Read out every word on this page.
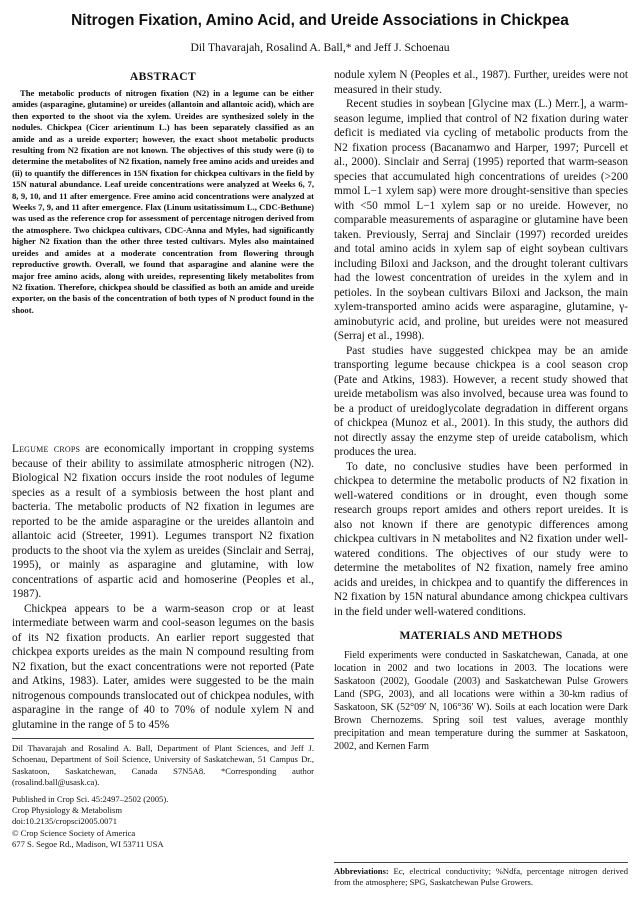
Nitrogen Fixation, Amino Acid, and Ureide Associations in Chickpea
Dil Thavarajah, Rosalind A. Ball,* and Jeff J. Schoenau
ABSTRACT

The metabolic products of nitrogen fixation (N2) in a legume can be either amides (asparagine, glutamine) or ureides (allantoin and allantoic acid), which are then exported to the shoot via the xylem. Ureides are synthesized solely in the nodules. Chickpea (Cicer arientinum L.) has been separately classified as an amide and as a ureide exporter; however, the exact shoot metabolic products resulting from N2 fixation are not known. The objectives of this study were (i) to determine the metabolites of N2 fixation, namely free amino acids and ureides and (ii) to quantify the differences in 15N fixation for chickpea cultivars in the field by 15N natural abundance. Leaf ureide concentrations were analyzed at Weeks 6, 7, 8, 9, 10, and 11 after emergence. Free amino acid concentrations were analyzed at Weeks 7, 9, and 11 after emergence. Flax (Linum usitatissimum L., CDC-Bethune) was used as the reference crop for assessment of percentage nitrogen derived from the atmosphere. Two chickpea cultivars, CDC-Anna and Myles, had significantly higher N2 fixation than the other three tested cultivars. Myles also maintained ureides and amides at a moderate concentration from flowering through reproductive growth. Overall, we found that asparagine and alanine were the major free amino acids, along with ureides, representing likely metabolites from N2 fixation. Therefore, chickpea should be classified as both an amide and ureide exporter, on the basis of the concentration of both types of N product found in the shoot.

Legume crops are economically important in cropping systems because of their ability to assimilate atmospheric nitrogen (N2). Biological N2 fixation occurs inside the root nodules of legume species as a result of a symbiosis between the host plant and bacteria. The metabolic products of N2 fixation in legumes are reported to be the amide asparagine or the ureides allantoin and allantoic acid (Streeter, 1991). Legumes transport N2 fixation products to the shoot via the xylem as ureides (Sinclair and Serraj, 1995), or mainly as asparagine and glutamine, with low concentrations of aspartic acid and homoserine (Peoples et al., 1987).

Chickpea appears to be a warm-season crop or at least intermediate between warm and cool-season legumes on the basis of its N2 fixation products. An earlier report suggested that chickpea exports ureides as the main N compound resulting from N2 fixation, but the exact concentrations were not reported (Pate and Atkins, 1983). Later, amides were suggested to be the main nitrogenous compounds translocated out of chickpea nodules, with asparagine in the range of 40 to 70% of nodule xylem N and glutamine in the range of 5 to 45%

Dil Thavarajah and Rosalind A. Ball, Department of Plant Sciences, and Jeff J. Schoenau, Department of Soil Science, University of Saskatchewan, 51 Campus Dr., Saskatoon, Saskatchewan, Canada S7N5A8. *Corresponding author (rosalind.ball@usask.ca).

Published in Crop Sci. 45:2497–2502 (2005).
Crop Physiology & Metabolism
doi:10.2135/cropsci2005.0071
© Crop Science Society of America
677 S. Segoe Rd., Madison, WI 53711 USA

nodule xylem N (Peoples et al., 1987). Further, ureides were not measured in their study.

Recent studies in soybean [Glycine max (L.) Merr.], a warm-season legume, implied that control of N2 fixation during water deficit is mediated via cycling of metabolic products from the N2 fixation process (Bacanamwo and Harper, 1997; Purcell et al., 2000). Sinclair and Serraj (1995) reported that warm-season species that accumulated high concentrations of ureides (>200 mmol L−1 xylem sap) were more drought-sensitive than species with <50 mmol L−1 xylem sap or no ureide. However, no comparable measurements of asparagine or glutamine have been taken. Previously, Serraj and Sinclair (1997) recorded ureides and total amino acids in xylem sap of eight soybean cultivars including Biloxi and Jackson, and the drought tolerant cultivars had the lowest concentration of ureides in the xylem and in petioles. In the soybean cultivars Biloxi and Jackson, the main xylem-transported amino acids were asparagine, glutamine, γ-aminobutyric acid, and proline, but ureides were not measured (Serraj et al., 1998).

Past studies have suggested chickpea may be an amide transporting legume because chickpea is a cool season crop (Pate and Atkins, 1983). However, a recent study showed that ureide metabolism was also involved, because urea was found to be a product of ureidoglycolate degradation in different organs of chickpea (Munoz et al., 2001). In this study, the authors did not directly assay the enzyme step of ureide catabolism, which produces the urea.

To date, no conclusive studies have been performed in chickpea to determine the metabolic products of N2 fixation in well-watered conditions or in drought, even though some research groups report amides and others report ureides. It is also not known if there are genotypic differences among chickpea cultivars in N metabolites and N2 fixation under well-watered conditions. The objectives of our study were to determine the metabolites of N2 fixation, namely free amino acids and ureides, in chickpea and to quantify the differences in N2 fixation by 15N natural abundance among chickpea cultivars in the field under well-watered conditions.

MATERIALS AND METHODS

Field experiments were conducted in Saskatchewan, Canada, at one location in 2002 and two locations in 2003. The locations were Saskatoon (2002), Goodale (2003) and Saskatchewan Pulse Growers Land (SPG, 2003), and all locations were within a 30-km radius of Saskatoon, SK (52°09′ N, 106°36′ W). Soils at each location were Dark Brown Chernozems. Spring soil test values, average monthly precipitation and mean temperature during the summer at Saskatoon, 2002, and Kernen Farm

Abbreviations: Ec, electrical conductivity; %Ndfa, percentage nitrogen derived from the atmosphere; SPG, Saskatchewan Pulse Growers.
